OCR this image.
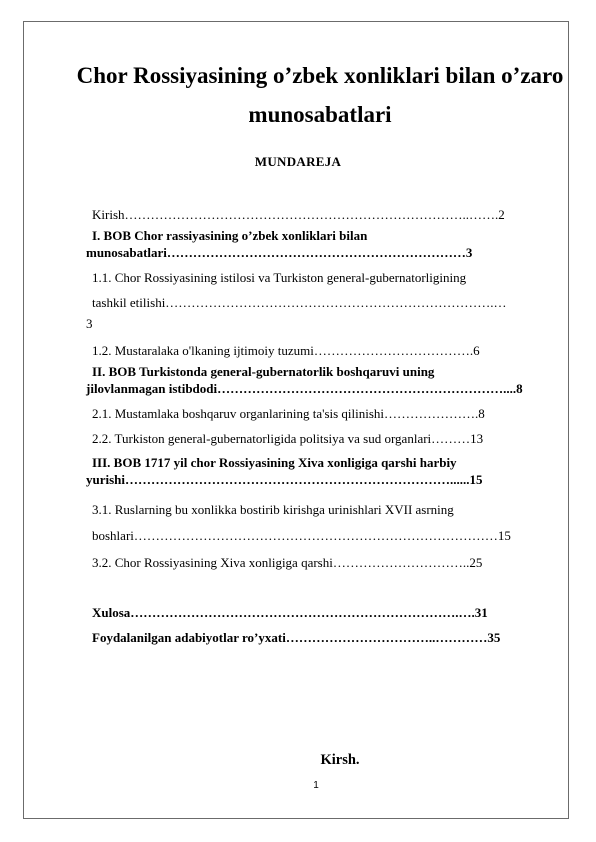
Chor Rossiyasining o’zbek xonliklari bilan o’zaro
munosabatlari
MUNDAREJA
Kirish……………………………………………………………………..…….2
I. BOB Chor rassiyasining o’zbek xonliklari bilan
munosabatlari……………………………………………………………3
1.1. Chor Rossiyasining istilosi va Turkiston general-gubernatorligining
tashkil etilishi………………………………………………………………….…
3
1.2. Mustaralaka o'lkaning ijtimoiy tuzumi……………………………….6
II. BOB Turkistonda general-gubernatorlik boshqaruvi uning
jilovlanmagan istibdodi…………………………………………………………....8
2.1. Mustamlaka boshqaruv organlarining ta'sis qilinishi………………….8
2.2. Turkiston general-gubernatorligida politsiya va sud organlari………13
III. BOB 1717 yil chor Rossiyasining Xiva xonligiga qarshi harbiy
yurishi…………………………………………………………………......15
3.1. Ruslarning bu xonlikka bostirib kirishga urinishlari XVII asrning
boshlari…………………………………………………………………………15
3.2. Chor Rossiyasining Xiva xonligiga qarshi…………………………..25
Xulosa………………………………………………………………….….31
Foydalanilgan adabiyotlar ro’yxati……………………………..…………35
Kirsh.
1
